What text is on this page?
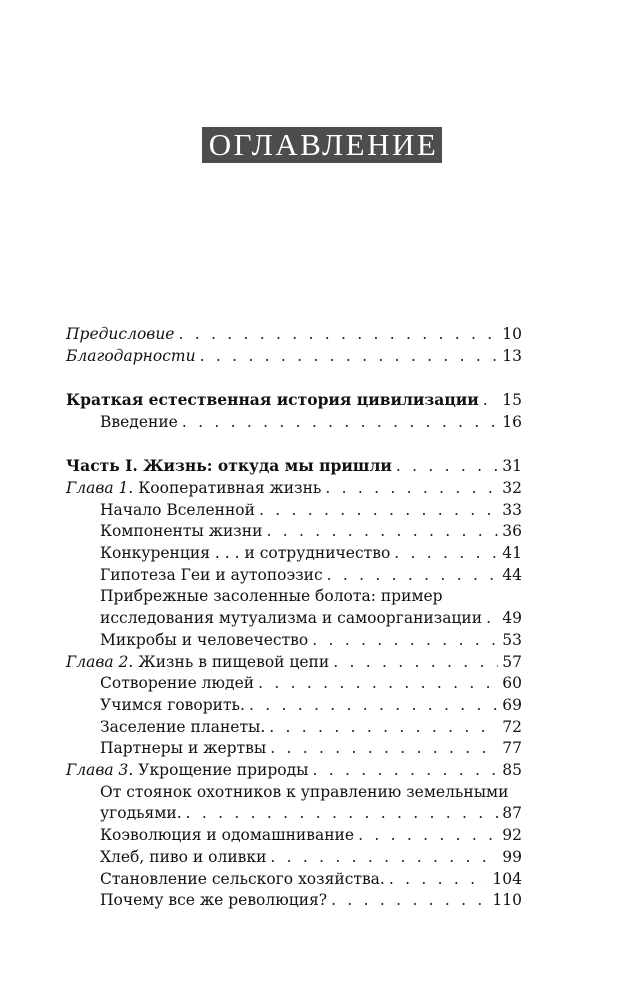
ОГЛАВЛЕНИЕ
Предисловие . . .	10
Благодарности . . .	13
Краткая естественная история цивилизации . . . 15
Введение . . .	16
Часть I. Жизнь: откуда мы пришли . . .	31
Глава 1. Кооперативная жизнь . . .	32
Начало Вселенной . . .	33
Компоненты жизни . . .	36
Конкуренция . . . и сотрудничество . . .	41
Гипотеза Геи и аутопоэзис . . .	44
Прибрежные засоленные болота: пример
исследования мутуализма и самоорганизации . . . 49
Микробы и человечество . . .	53
Глава 2. Жизнь в пищевой цепи . . .	57
Сотворение людей . . .	60
Учимся говорить. . . .	69
Заселение планеты. . . .	72
Партнеры и жертвы . . .	77
Глава 3. Укрощение природы . . .	85
От стоянок охотников к управлению земельными
угодьями. . . .	87
Коэволюция и одомашнивание . . .	92
Хлеб, пиво и оливки . . .	99
Становление сельского хозяйства. . . .	104
Почему все же революция? . . .	110
